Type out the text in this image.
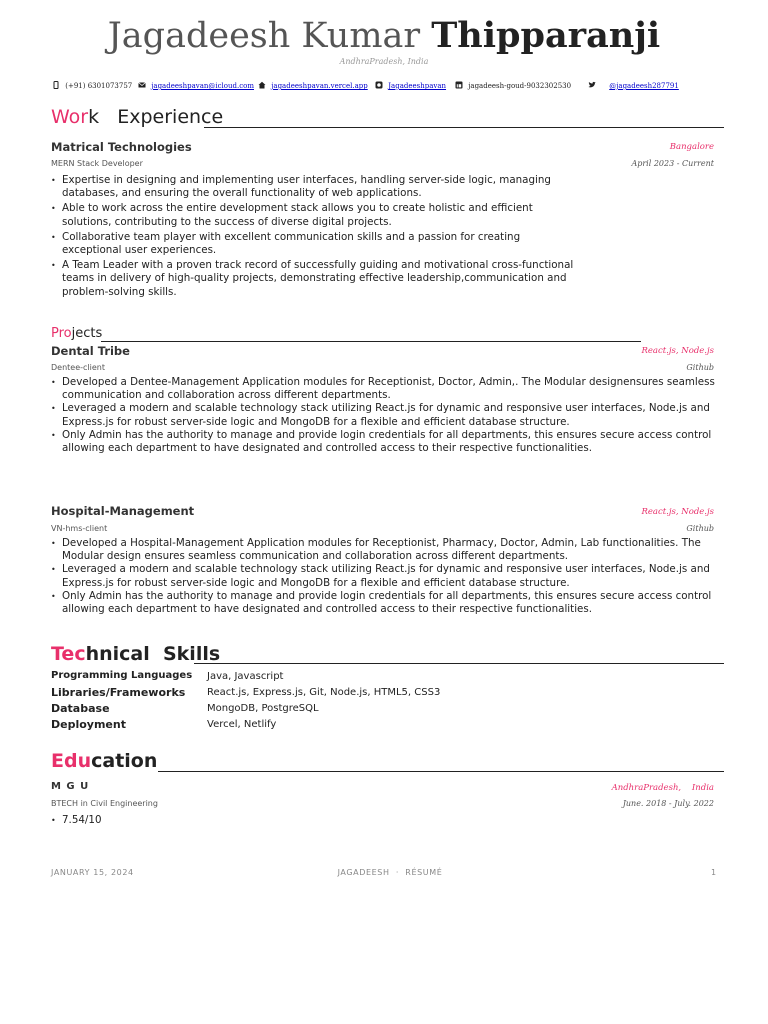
Jagadeesh Kumar Thipparanji
AndhraPradesh, India
(+91) 6301073757	jagadeeshpavan@icloud.com	jagadeeshpavan.vercel.app	Jagadeeshpavan	jagadeesh-goud-9032302530	@jagadeesh287791
Work   Experience
Matrical Technologies	Bangalore
MERN Stack Developer	April 2023 - Current
• Expertise in designing and implementing user interfaces, handling server-side logic, managing databases, and ensuring the overall functionality of web applications.
• Able to work across the entire development stack allows you to create holistic and efficient solutions, contributing to the success of diverse digital projects.
• Collaborative team player with excellent communication skills and a passion for creating exceptional user experiences.
• A Team Leader with a proven track record of successfully guiding and motivational cross-functional teams in delivery of high-quality projects, demonstrating effective leadership,communication and problem-solving skills.
Projects
Dental Tribe	React.js, Node.js
Dentee-client	Github
• Developed a Dentee-Management Application modules for Receptionist, Doctor, Admin,. The Modular designensures seamless communication and collaboration across different departments.
• Leveraged a modern and scalable technology stack utilizing React.js for dynamic and responsive user interfaces, Node.js and Express.js for robust server-side logic and MongoDB for a flexible and efficient database structure.
• Only Admin has the authority to manage and provide login credentials for all departments, this ensures secure access control allowing each department to have designated and controlled access to their respective functionalities.
Hospital-Management	React.js, Node.js
VN-hms-client	Github
• Developed a Hospital-Management Application modules for Receptionist, Pharmacy, Doctor, Admin, Lab functionalities. The Modular design ensures seamless communication and collaboration across different departments.
• Leveraged a modern and scalable technology stack utilizing React.js for dynamic and responsive user interfaces, Node.js and Express.js for robust server-side logic and MongoDB for a flexible and efficient database structure.
• Only Admin has the authority to manage and provide login credentials for all departments, this ensures secure access control allowing each department to have designated and controlled access to their respective functionalities.
Technical  Skills
Programming Languages Java, Javascript
Libraries/Frameworks React.js, Express.js, Git, Node.js, HTML5, CSS3
Database	MongoDB, PostgreSQL
Deployment	Vercel, Netlify
Education
M G U	AndhraPradesh,    India
BTECH in Civil Engineering	June. 2018 - July. 2022
• 7.54/10
JANUARY 15, 2024	JAGADEESH  ·  RÉSUMÉ	1
